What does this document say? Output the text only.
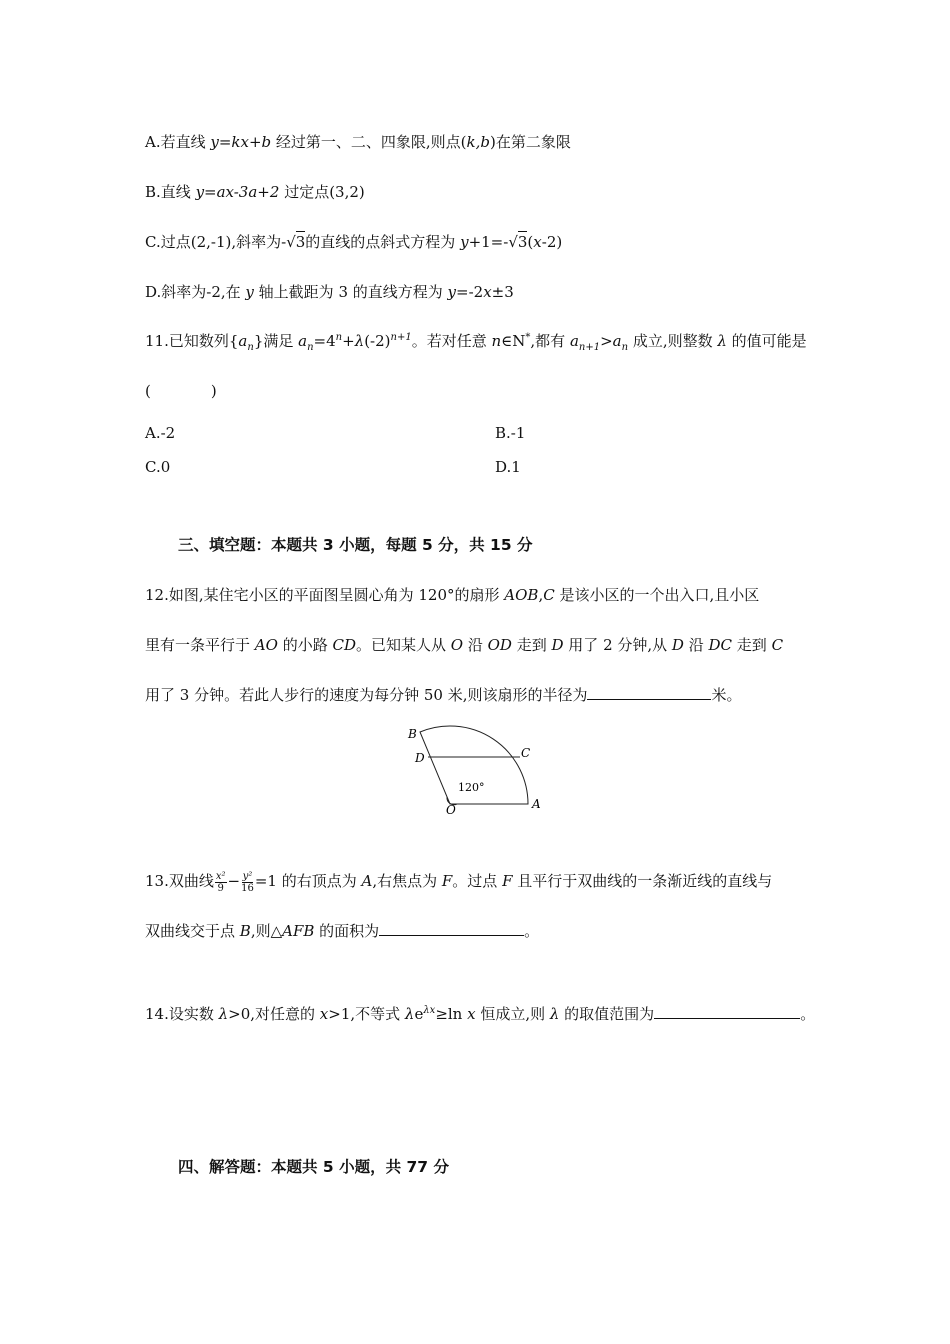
A.若直线 y=kx+b 经过第一、二、四象限,则点(k,b)在第二象限
B.直线 y=ax-3a+2 过定点(3,2)
C.过点(2,-1),斜率为-√3的直线的点斜式方程为 y+1=-√3(x-2)
D.斜率为-2,在 y 轴上截距为 3 的直线方程为 y=-2x±3
11.已知数列$\{a_n\}$满足 $a_n=4^n+\lambda(-2)^{n+1}$。若对任意 n∈N*,都有 $a_{n+1}>a_n$ 成立,则整数 λ 的值可能是
(　　　　)
A.-2	B.-1
C.0	D.1
三、填空题：本题共 3 小题，每题 5 分，共 15 分
12.如图,某住宅小区的平面图呈圆心角为 120°的扇形 AOB,C 是该小区的一个出入口,且小区
里有一条平行于 AO 的小路 CD。已知某人从 O 沿 OD 走到 D 用了 2 分钟,从 D 沿 DC 走到 C
用了 3 分钟。若此人步行的速度为每分钟 50 米,则该扇形的半径为	米。
B
D	C
120°
O	A
13.双曲线 $\frac{\text{x²}}{9} - \frac{\text{y²}}{16} =1$ 的右顶点为 A,右焦点为 F。过点 F 且平行于双曲线的一条渐近线的直线与
双曲线交于点 B,则△AFB 的面积为	。
14.设实数 λ>0,对任意的 x>1,不等式 $\lambda e^{\lambda x}\ge\ln$ x 恒成立,则 λ 的取值范围为	。
四、解答题：本题共 5 小题，共 77 分
